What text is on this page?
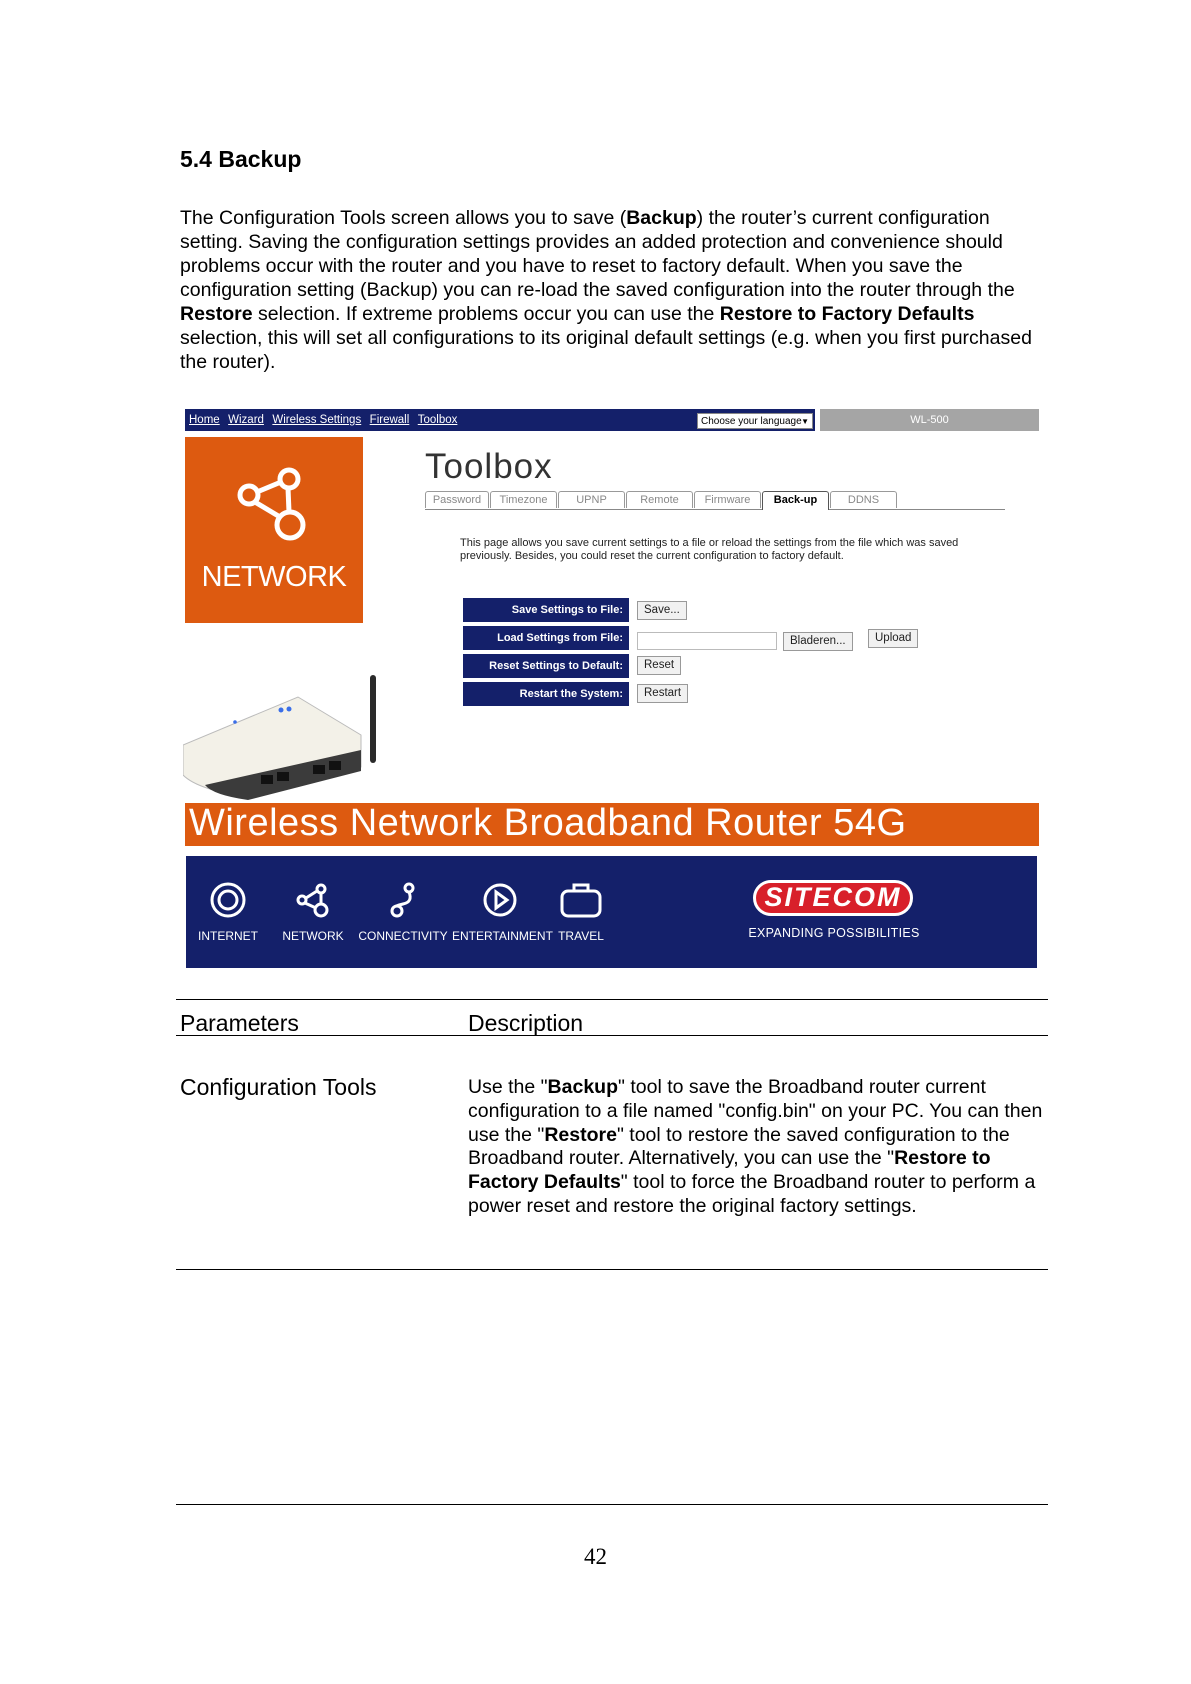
5.4 Backup

The Configuration Tools screen allows you to save (Backup) the router’s current configuration setting. Saving the configuration settings provides an added protection and convenience should problems occur with the router and you have to reset to factory default. When you save the configuration setting (Backup) you can re-load the saved configuration into the router through the Restore selection. If extreme problems occur you can use the Restore to Factory Defaults selection, this will set all configurations to its original default settings (e.g. when you first purchased the router).

Home Wizard Wireless Settings Firewall Toolbox	Choose your language ▼	WL-500
NETWORK
Toolbox
Password	Timezone	UPNP	Remote	Firmware	Back-up	DDNS
This page allows you save current settings to a file or reload the settings from the file which was saved previously. Besides, you could reset the current configuration to factory default.
Save Settings to File:	Save...
Load Settings from File:	Bladeren...	Upload
Reset Settings to Default:	Reset
Restart the System:	Restart
Wireless Network Broadband Router 54G
INTERNET	NETWORK	CONNECTIVITY ENTERTAINMENT TRAVEL
SITECOM
EXPANDING POSSIBILITIES
Parameters	Description
Configuration Tools	Use the "Backup" tool to save the Broadband router current configuration to a file named "config.bin" on your PC. You can then use the "Restore" tool to restore the saved configuration to the Broadband router. Alternatively, you can use the "Restore to Factory Defaults" tool to force the Broadband router to perform a power reset and restore the original factory settings.

42
